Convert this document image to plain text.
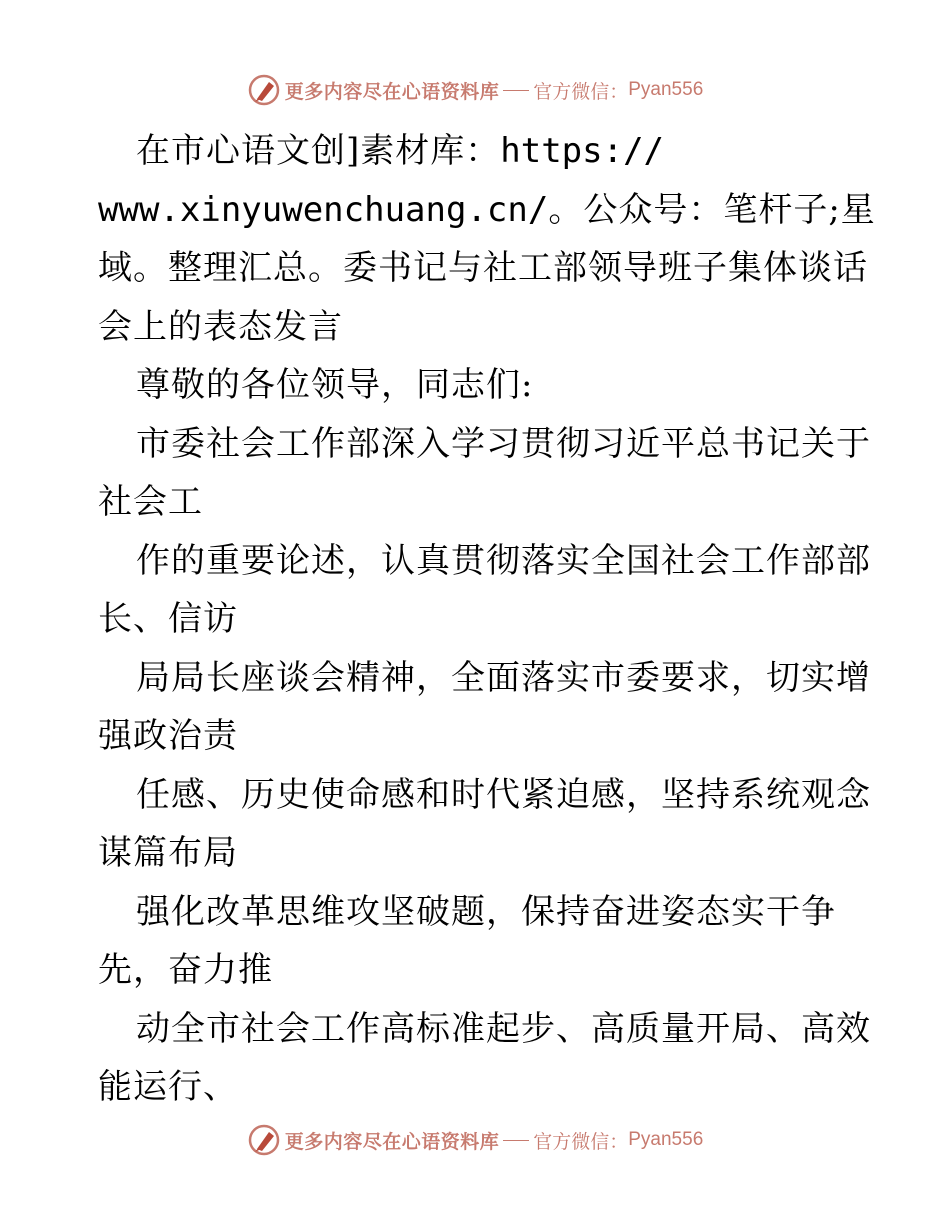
更多内容尽在心语资料库 官方微信： Pyan556
在市心语文创]素材库：https://
www.xinyuwenchuang.cn/。公众号：笔杆子;星
域。整理汇总。委书记与社工部领导班子集体谈话
会上的表态发言
尊敬的各位领导，同志们:
市委社会工作部深入学习贯彻习近平总书记关于
社会工
作的重要论述，认真贯彻落实全国社会工作部部
长、信访
局局长座谈会精神，全面落实市委要求，切实增
强政治责
任感、历史使命感和时代紧迫感，坚持系统观念
谋篇布局
强化改革思维攻坚破题，保持奋进姿态实干争
先，奋力推
动全市社会工作高标准起步、高质量开局、高效
能运行、
更多内容尽在心语资料库 官方微信： Pyan556
